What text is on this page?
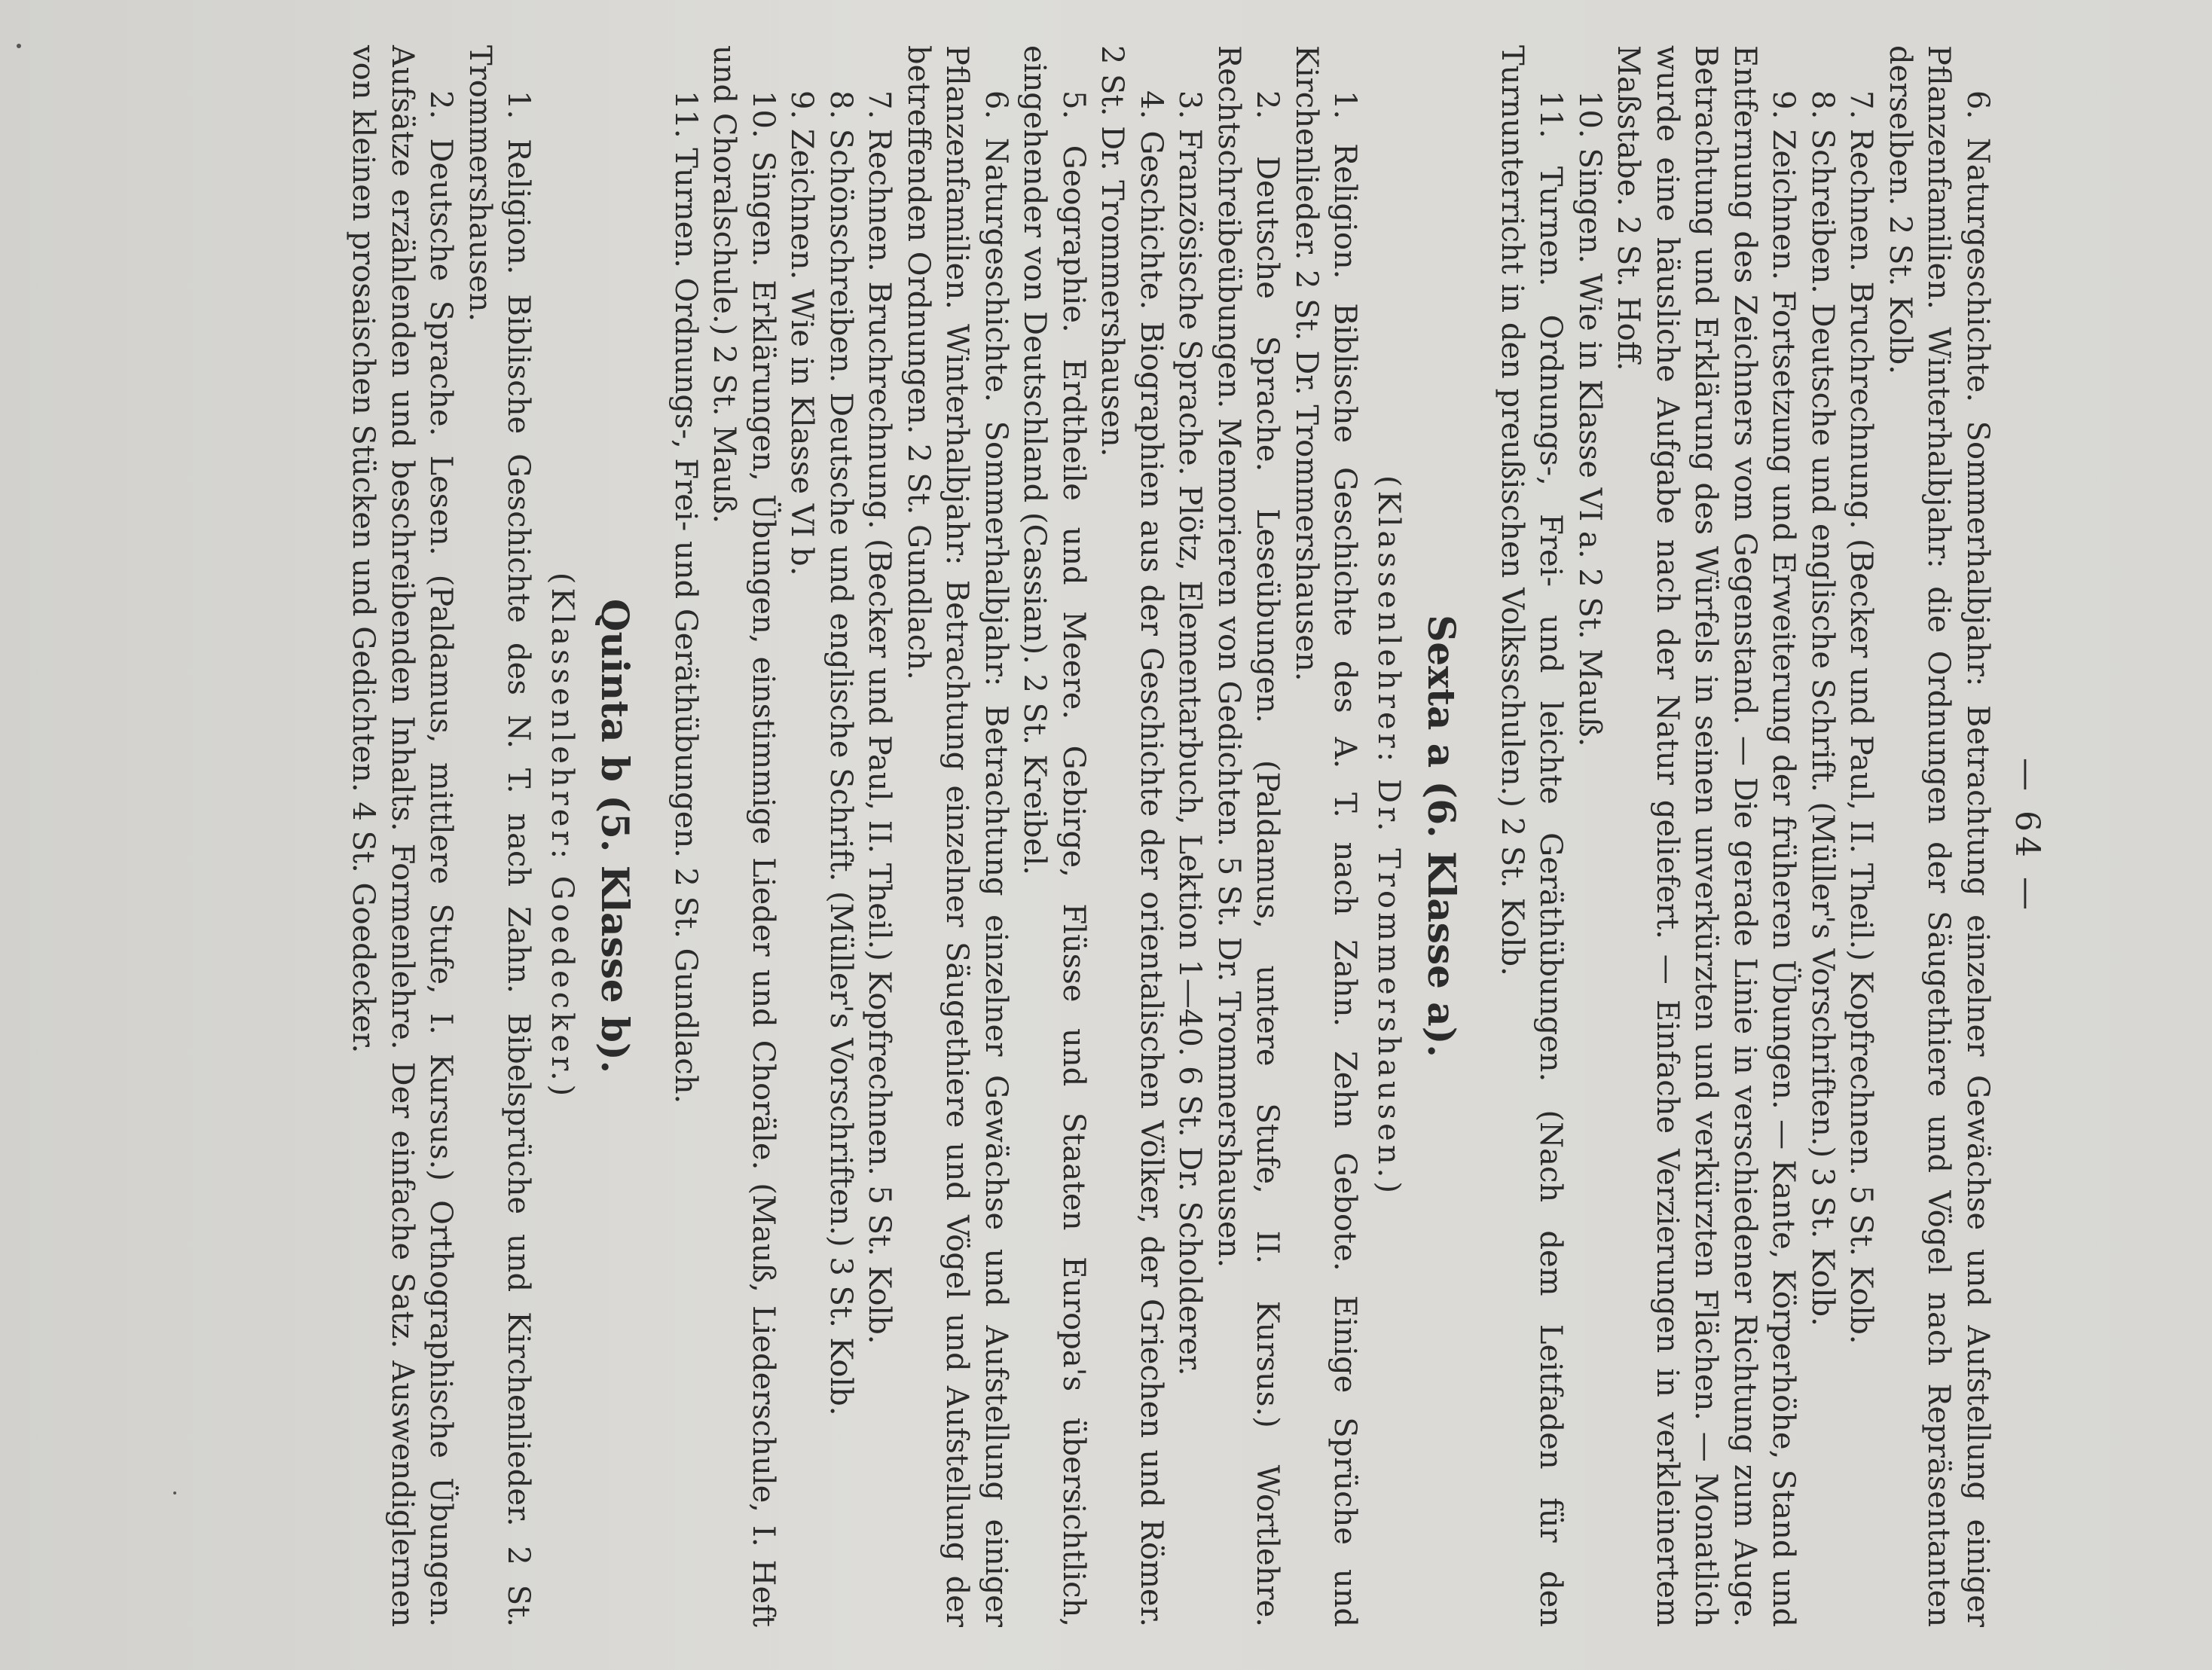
— 64 —

6. Naturgeschichte. Sommerhalbjahr: Betrachtung einzelner Gewächse und Aufstellung einiger Pflanzenfamilien. Winterhalbjahr: die Ordnungen der Säugethiere und Vögel nach Repräsentanten derselben. 2 St. Kolb.

7. Rechnen. Bruchrechnung. (Becker und Paul, II. Theil.) Kopfrechnen. 5 St. Kolb.

8. Schreiben. Deutsche und englische Schrift. (Müller's Vorschriften.) 3 St. Kolb.

9. Zeichnen. Fortsetzung und Erweiterung der früheren Übungen. — Kante, Körperhöhe, Stand und Entfernung des Zeichners vom Gegenstand. — Die gerade Linie in verschiedener Richtung zum Auge. Betrachtung und Erklärung des Würfels in seinen unverkürzten und verkürzten Flächen. — Monatlich wurde eine häusliche Aufgabe nach der Natur geliefert. — Einfache Verzierungen in verkleinertem Maßstabe. 2 St. Hoff.

10. Singen. Wie in Klasse VI a. 2 St. Mauß.

11. Turnen. Ordnungs-, Frei- und leichte Geräthübungen. (Nach dem Leitfaden für den Turnunterricht in den preußischen Volksschulen.) 2 St. Kolb.

Sexta a (6. Klasse a).
(Klassenlehrer: Dr. Trommershausen.)

1. Religion. Biblische Geschichte des A. T. nach Zahn. Zehn Gebote. Einige Sprüche und Kirchenlieder. 2 St. Dr. Trommershausen.

2. Deutsche Sprache. Leseübungen. (Paldamus, untere Stufe, II. Kursus.) Wortlehre. Rechtschreibeübungen. Memorieren von Gedichten. 5 St. Dr. Trommershausen.

3. Französische Sprache. Plötz, Elementarbuch, Lektion 1—40. 6 St. Dr. Scholderer.

4. Geschichte. Biographien aus der Geschichte der orientalischen Völker, der Griechen und Römer. 2 St. Dr. Trommershausen.

5. Geographie. Erdtheile und Meere. Gebirge, Flüsse und Staaten Europa's übersichtlich, eingehender von Deutschland (Cassian). 2 St. Kreibel.

6. Naturgeschichte. Sommerhalbjahr: Betrachtung einzelner Gewächse und Aufstellung einiger Pflanzenfamilien. Winterhalbjahr: Betrachtung einzelner Säugethiere und Vögel und Aufstellung der betreffenden Ordnungen. 2 St. Gundlach.

7. Rechnen. Bruchrechnung. (Becker und Paul, II. Theil.) Kopfrechnen. 5 St. Kolb.

8. Schönschreiben. Deutsche und englische Schrift. (Müller's Vorschriften.) 3 St. Kolb.

9. Zeichnen. Wie in Klasse VI b.

10. Singen. Erklärungen, Übungen, einstimmige Lieder und Choräle. (Mauß, Liederschule, I. Heft und Choralschule.) 2 St. Mauß.

11. Turnen. Ordnungs-, Frei- und Geräthübungen. 2 St. Gundlach.

Quinta b (5. Klasse b).
(Klassenlehrer: Goedecker.)

1. Religion. Biblische Geschichte des N. T. nach Zahn. Bibelsprüche und Kirchenlieder. 2 St. Trommershausen.

2. Deutsche Sprache. Lesen. (Paldamus, mittlere Stufe, I. Kursus.) Orthographische Übungen. Aufsätze erzählenden und beschreibenden Inhalts. Formenlehre. Der einfache Satz. Auswendiglernen von kleinen prosaischen Stücken und Gedichten. 4 St. Goedecker.
